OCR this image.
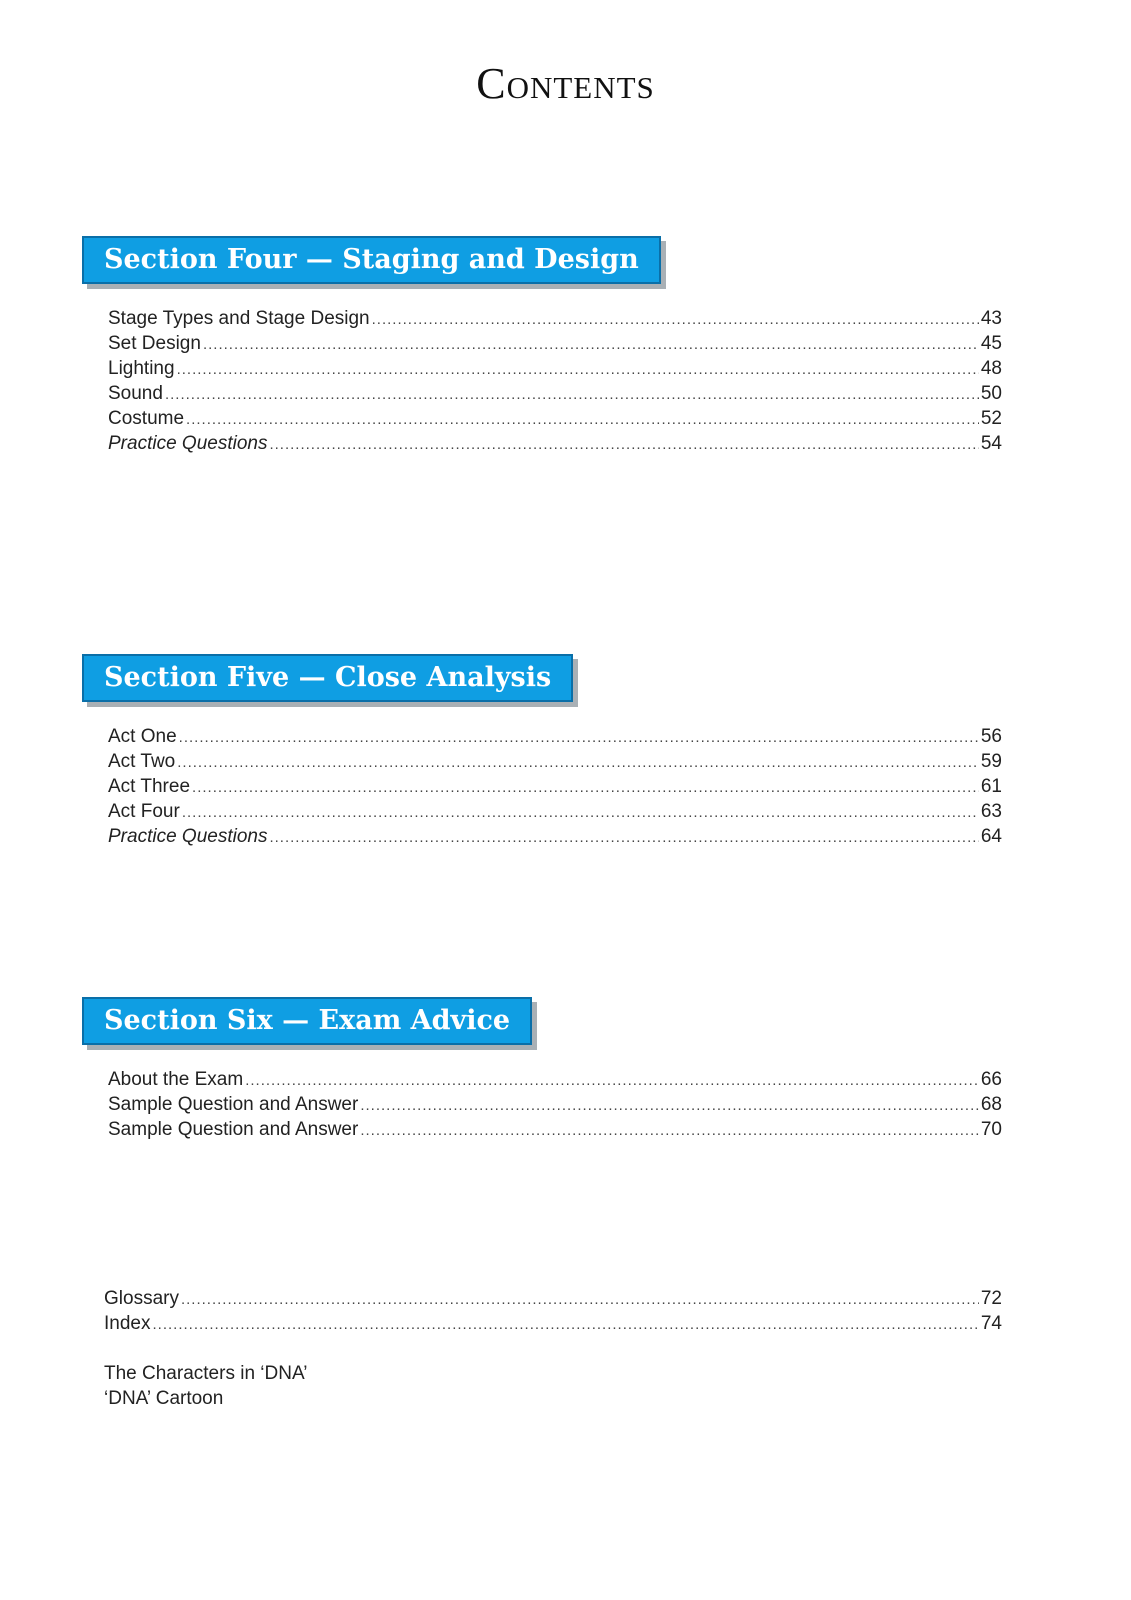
Contents
Section Four — Staging and Design
Stage Types and Stage Design .....	43
Set Design .....	45
Lighting .....	48
Sound .....	50
Costume .....	52
Practice Questions .....	54
Section Five — Close Analysis
Act One .....	56
Act Two .....	59
Act Three .....	61
Act Four .....	63
Practice Questions .....	64
Section Six — Exam Advice
About the Exam .....	66
Sample Question and Answer .....	68
Sample Question and Answer .....	70
Glossary .....	72
Index .....	74
The Characters in ‘DNA’
‘DNA’ Cartoon
